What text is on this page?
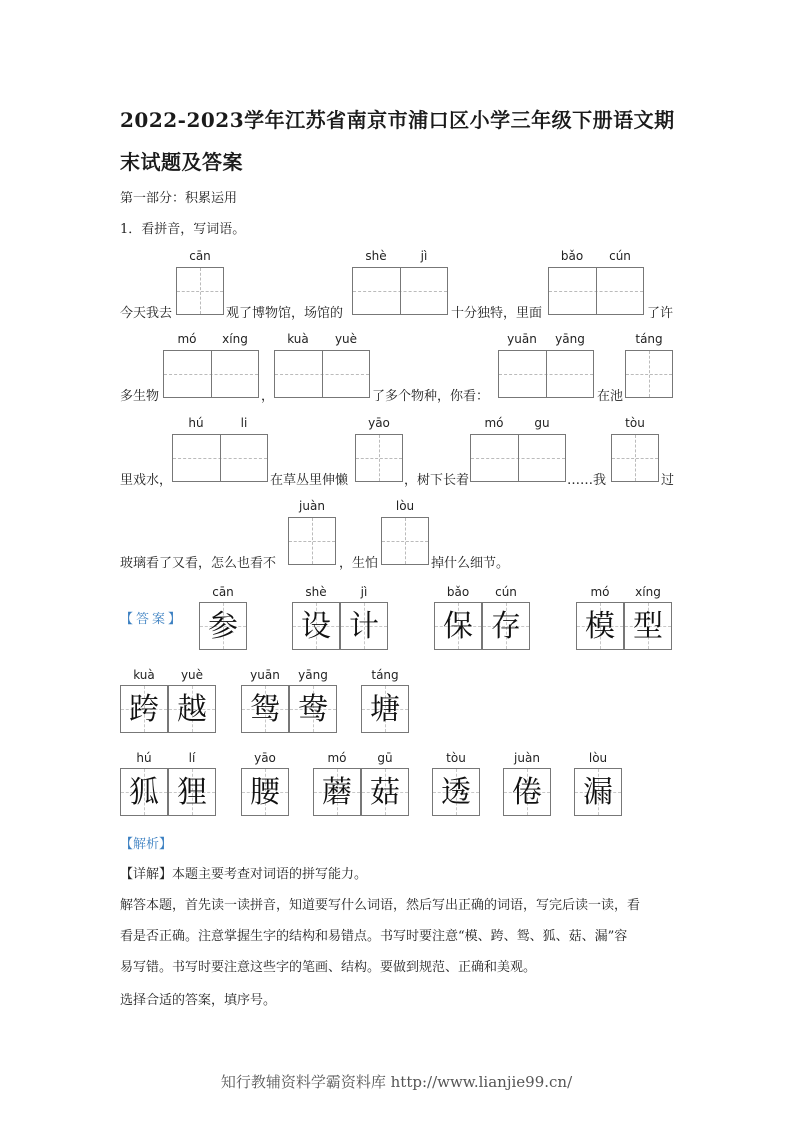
2022-2023学年江苏省南京市浦口区小学三年级下册语文期
末试题及答案
第一部分：积累运用
1．看拼音，写词语。
cān	shè	jì	bǎo	cún
今天我去	观了博物馆，场馆的	十分独特，里面	了许
mó	xíng	kuà	yuè	yuān	yāng	táng
多生物	，	了多个物种，你看：	在池
hú	li	yāo	mó	gu	tòu
里戏水，	在草丛里伸懒	，树下长着	……我	过
juàn	lòu
玻璃看了又看，怎么也看不	，生怕	掉什么细节。
【答案】
cān
参
shè	jì
设 计
bǎo	cún
保 存
mó	xíng
模 型
kuà	yuè
跨 越
yuān	yāng
鸳 鸯
táng
塘
hú	lí
狐 狸
yāo
腰
mó	gū
蘑 菇
tòu
透
juàn
倦
lòu
漏
【解析】
【详解】本题主要考查对词语的拼写能力。
解答本题，首先读一读拼音，知道要写什么词语，然后写出正确的词语，写完后读一读，看
看是否正确。注意掌握生字的结构和易错点。书写时要注意“模、跨、鸳、狐、菇、漏”容
易写错。书写时要注意这些字的笔画、结构。要做到规范、正确和美观。
选择合适的答案，填序号。
知行教辅资料学霸资料库 http://www.lianjie99.cn/
